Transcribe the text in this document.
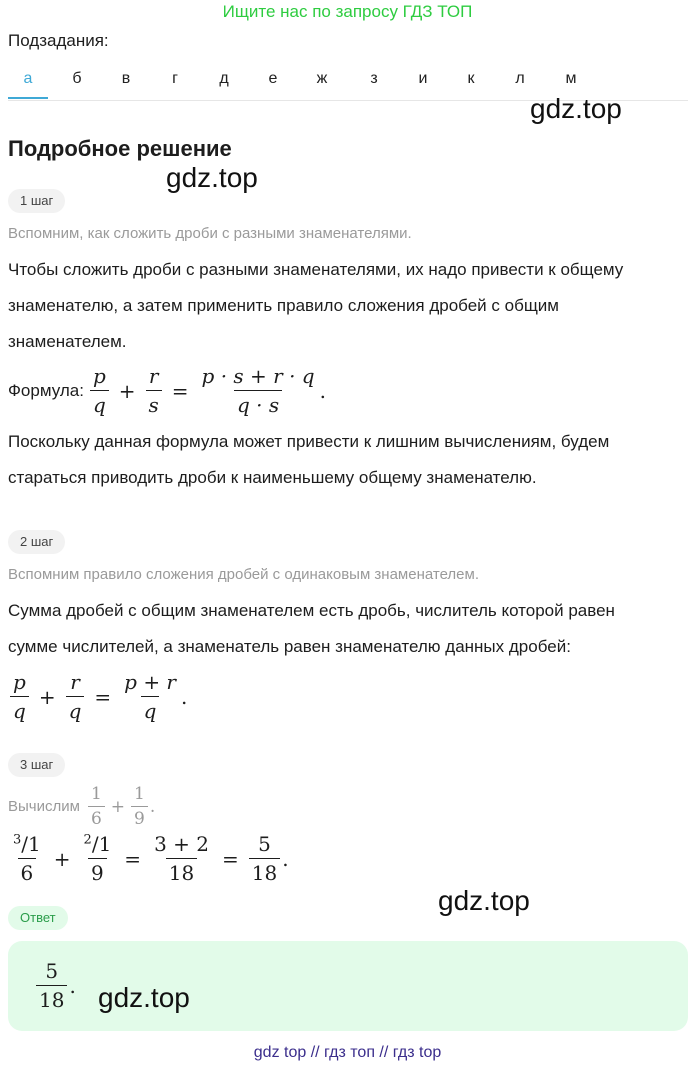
Ищите нас по запросу ГДЗ ТОП
Подзадания:
а	б	в	г	д	е	ж	з	и	к	л	м
gdz.top
Подробное решение
gdz.top
1 шаг
Вспомним, как сложить дроби с разными знаменателями.
Чтобы сложить дроби с разными знаменателями, их надо привести к общему
знаменателю, а затем применить правило сложения дробей с общим
знаменателем.
Формула: $\frac{p}{q} + \frac{r}{s} = \frac{p \cdot s + r \cdot q}{q \cdot s}$ .
Поскольку данная формула может привести к лишним вычислениям, будем
стараться приводить дроби к наименьшему общему знаменателю.
2 шаг
Вспомним правило сложения дробей с одинаковым знаменателем.
Сумма дробей с общим знаменателем есть дробь, числитель которой равен
сумме числителей, а знаменатель равен знаменателю данных дробей:
$\frac{p}{q} + \frac{r}{q} = \frac{p + r}{q}$ .
3 шаг
Вычислим $\frac{1}{6} + \frac{1}{9}$ .
$\frac{^3/1}{6} + \frac{^2/1}{9} = \frac{3 + 2}{18} = \frac{5}{18}$ .
gdz.top
Ответ
$\frac{5}{18}$ . gdz.top
gdz top // гдз топ // гдз top
